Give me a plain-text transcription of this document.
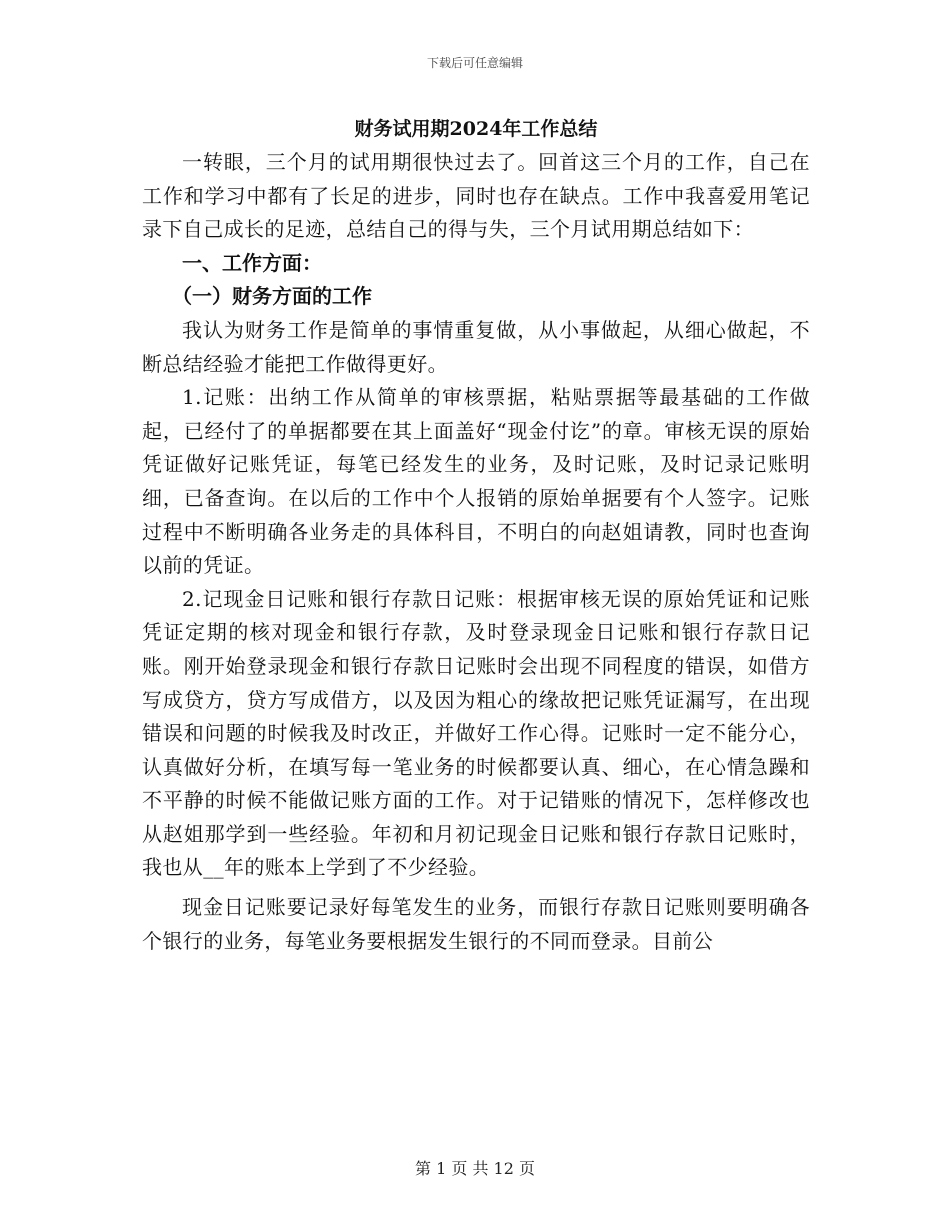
下载后可任意编辑

财务试用期2024年工作总结

一转眼，三个月的试用期很快过去了。回首这三个月的工作，自己在工作和学习中都有了长足的进步，同时也存在缺点。工作中我喜爱用笔记录下自己成长的足迹，总结自己的得与失，三个月试用期总结如下：

一、工作方面：

（一）财务方面的工作

我认为财务工作是简单的事情重复做，从小事做起，从细心做起，不断总结经验才能把工作做得更好。

1.记账：出纳工作从简单的审核票据，粘贴票据等最基础的工作做起，已经付了的单据都要在其上面盖好“现金付讫”的章。审核无误的原始凭证做好记账凭证，每笔已经发生的业务，及时记账，及时记录记账明细，已备查询。在以后的工作中个人报销的原始单据要有个人签字。记账过程中不断明确各业务走的具体科目，不明白的向赵姐请教，同时也查询以前的凭证。

2.记现金日记账和银行存款日记账：根据审核无误的原始凭证和记账凭证定期的核对现金和银行存款，及时登录现金日记账和银行存款日记账。刚开始登录现金和银行存款日记账时会出现不同程度的错误，如借方写成贷方，贷方写成借方，以及因为粗心的缘故把记账凭证漏写，在出现错误和问题的时候我及时改正，并做好工作心得。记账时一定不能分心，认真做好分析，在填写每一笔业务的时候都要认真、细心，在心情急躁和不平静的时候不能做记账方面的工作。对于记错账的情况下，怎样修改也从赵姐那学到一些经验。年初和月初记现金日记账和银行存款日记账时，我也从__年的账本上学到了不少经验。

现金日记账要记录好每笔发生的业务，而银行存款日记账则要明确各个银行的业务，每笔业务要根据发生银行的不同而登录。目前公

第 1 页 共 12 页
